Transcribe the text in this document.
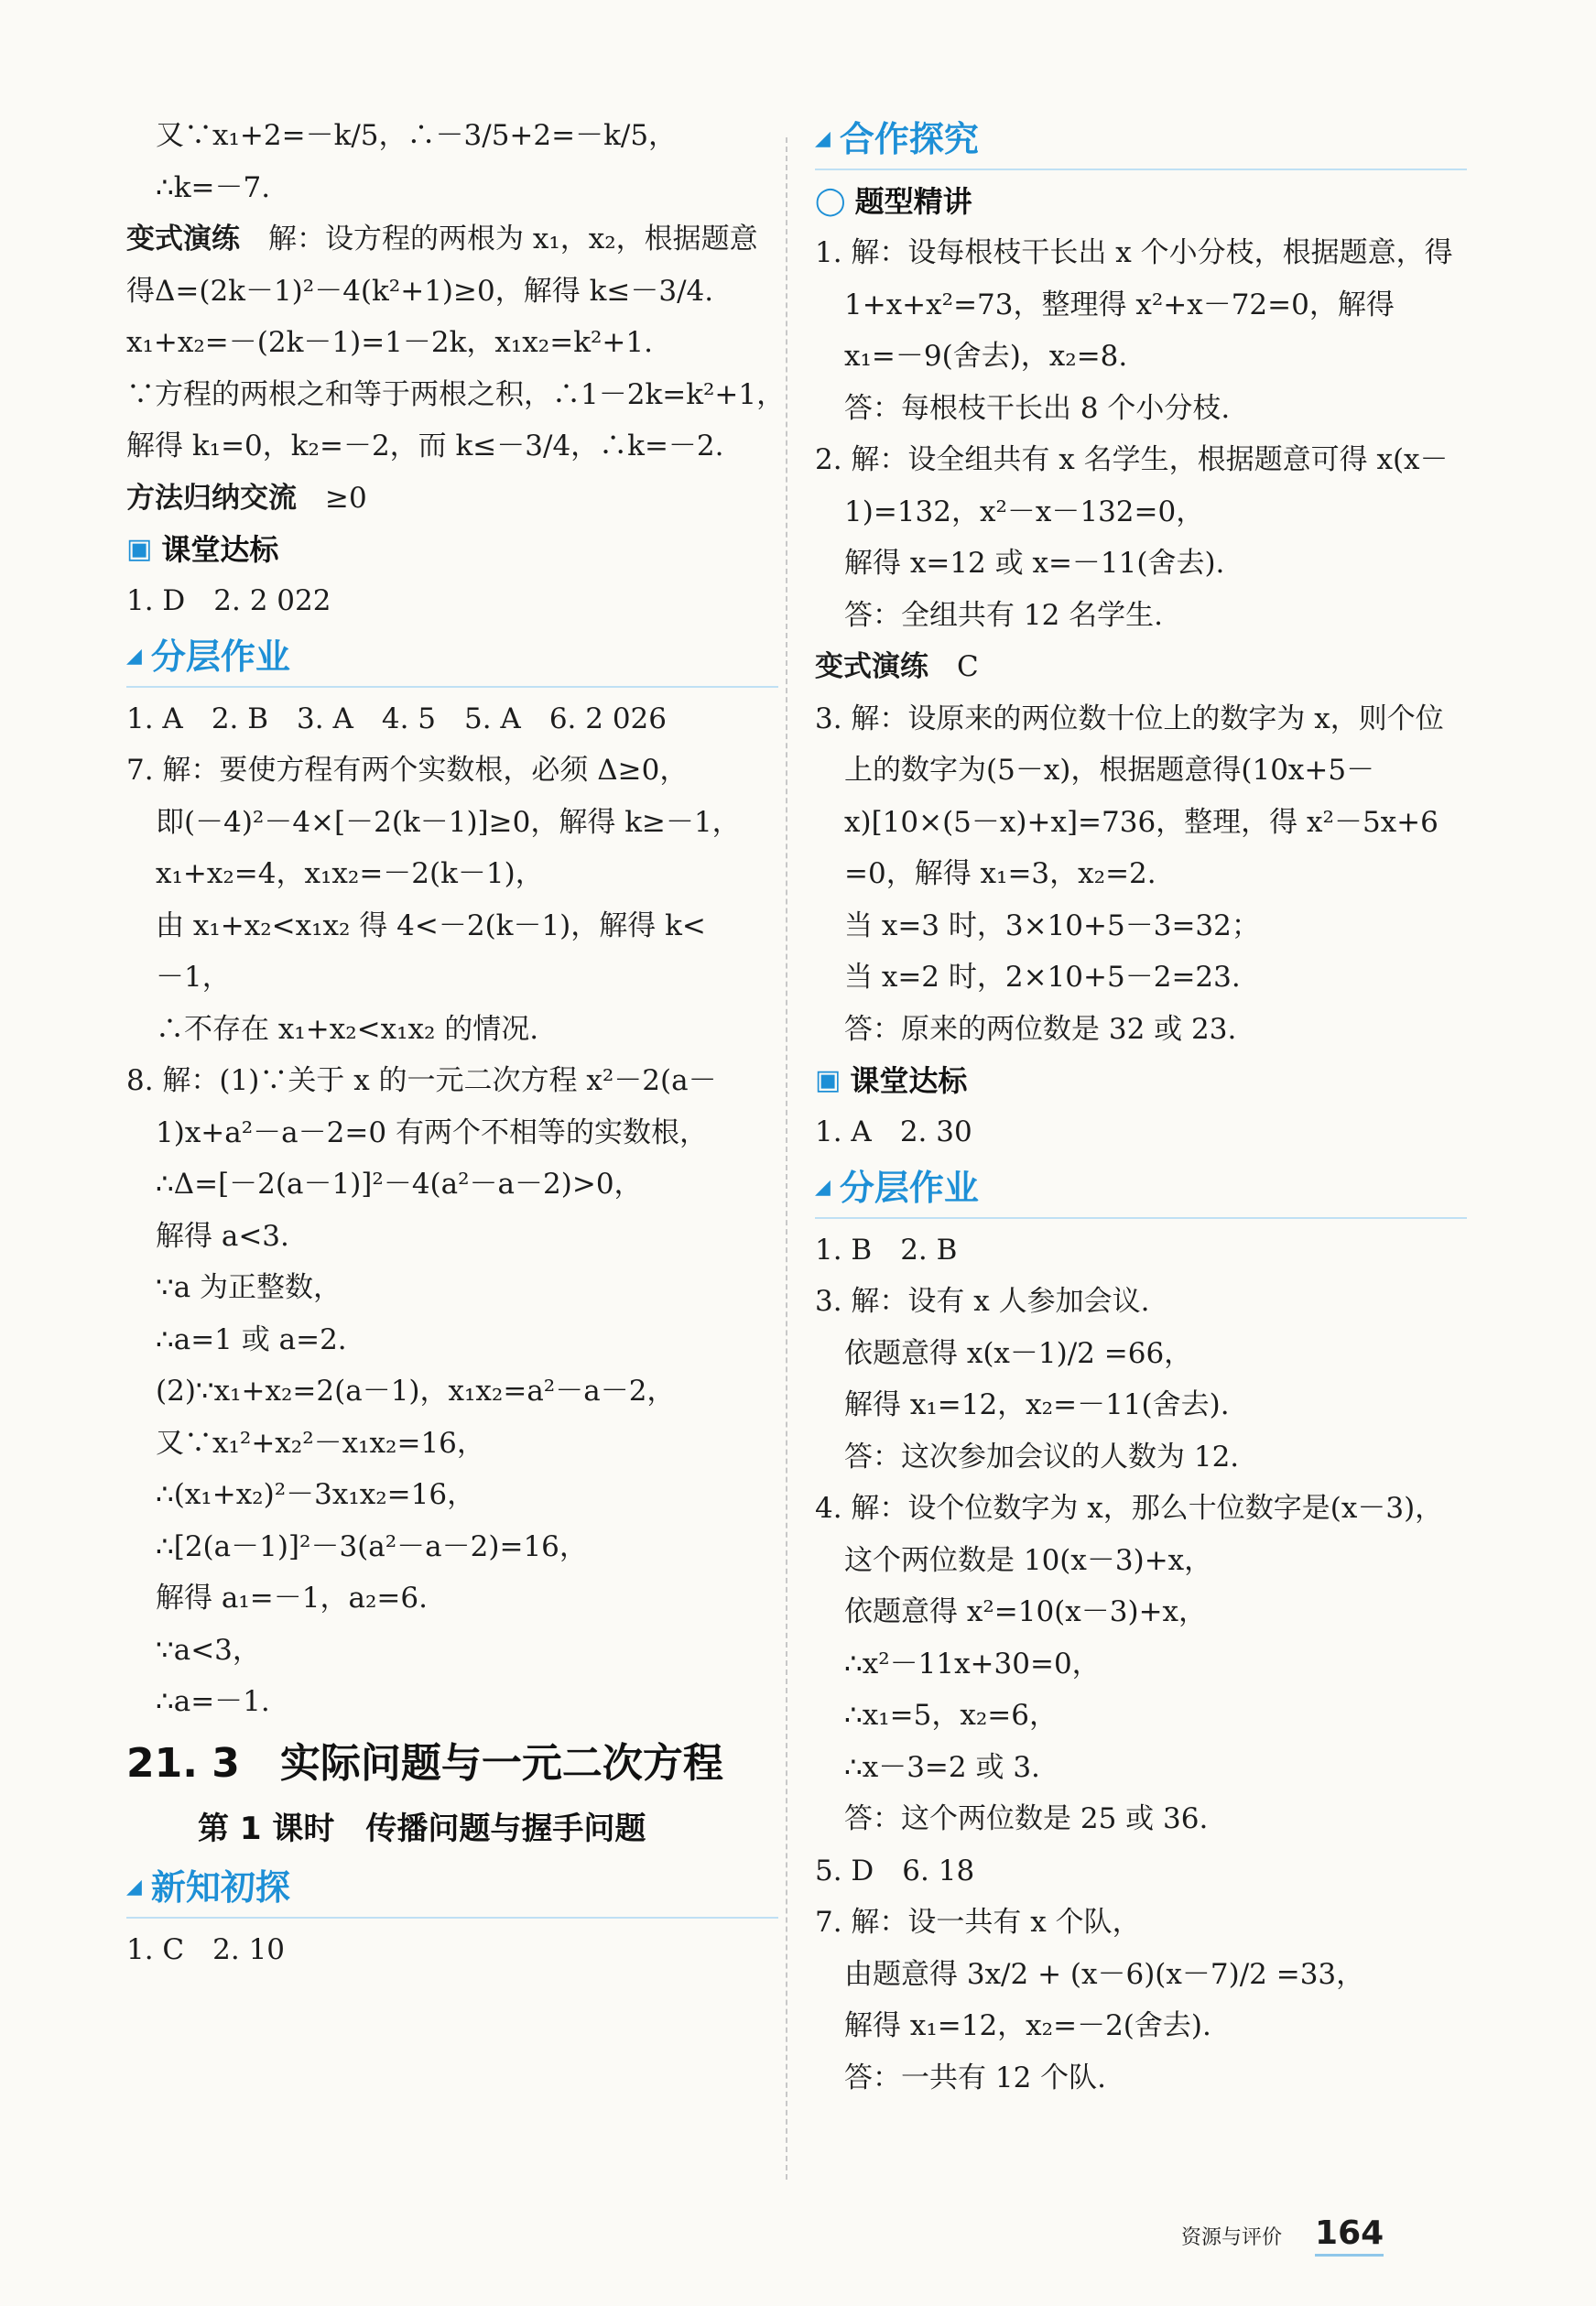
又∵x₁+2=－k/5，∴－3/5+2=－k/5，
∴k=－7.
变式演练　 解：设方程的两根为 x₁，x₂，根据题意
得Δ=(2k－1)²－4(k²+1)≥0，解得 k≤－3/4.
x₁+x₂=－(2k－1)=1－2k，x₁x₂=k²+1.
∵方程的两根之和等于两根之积，∴1－2k=k²+1，
解得 k₁=0，k₂=－2，而 k≤－3/4，∴k=－2.
方法归纳交流　 ≥0
▣ 课堂达标
1. D　2. 2 022
◢ 分层作业
1. A　2. B　3. A　4. 5　5. A　6. 2 026
7. 解：要使方程有两个实数根，必须 Δ≥0，
即(－4)²－4×[－2(k－1)]≥0，解得 k≥－1，
x₁+x₂=4，x₁x₂=－2(k－1)，
由 x₁+x₂<x₁x₂ 得 4<－2(k－1)，解得 k<
－1，
∴不存在 x₁+x₂<x₁x₂ 的情况.
8. 解：(1)∵关于 x 的一元二次方程 x²－2(a－
1)x+a²－a－2=0 有两个不相等的实数根，
∴Δ=[－2(a－1)]²－4(a²－a－2)>0，
解得 a<3.
∵a 为正整数，
∴a=1 或 a=2.
(2)∵x₁+x₂=2(a－1)，x₁x₂=a²－a－2，
又∵x₁²+x₂²－x₁x₂=16，
∴(x₁+x₂)²－3x₁x₂=16，
∴[2(a－1)]²－3(a²－a－2)=16，
解得 a₁=－1，a₂=6.
∵a<3，
∴a=－1.
21. 3　实际问题与一元二次方程
第 1 课时　传播问题与握手问题
◢ 新知初探
1. C　2. 10
◢ 合作探究
◯ 题型精讲
1. 解：设每根枝干长出 x 个小分枝，根据题意，得
1+x+x²=73，整理得 x²+x－72=0，解得
x₁=－9(舍去)，x₂=8.
答：每根枝干长出 8 个小分枝.
2. 解：设全组共有 x 名学生，根据题意可得 x(x－
1)=132，x²－x－132=0，
解得 x=12 或 x=－11(舍去).
答：全组共有 12 名学生.
变式演练　 C
3. 解：设原来的两位数十位上的数字为 x，则个位
上的数字为(5－x)，根据题意得(10x+5－
x)[10×(5－x)+x]=736，整理，得 x²－5x+6
=0，解得 x₁=3，x₂=2.
当 x=3 时，3×10+5－3=32；
当 x=2 时，2×10+5－2=23.
答：原来的两位数是 32 或 23.
▣ 课堂达标
1. A　2. 30
◢ 分层作业
1. B　2. B
3. 解：设有 x 人参加会议.
依题意得 x(x－1)/2 =66，
解得 x₁=12，x₂=－11(舍去).
答：这次参加会议的人数为 12.
4. 解：设个位数字为 x，那么十位数字是(x－3)，
这个两位数是 10(x－3)+x，
依题意得 x²=10(x－3)+x，
∴x²－11x+30=0，
∴x₁=5，x₂=6，
∴x－3=2 或 3.
答：这个两位数是 25 或 36.
5. D　6. 18
7. 解：设一共有 x 个队，
由题意得 3x/2 + (x－6)(x－7)/2 =33，
解得 x₁=12，x₂=－2(舍去).
答：一共有 12 个队.
资源与评价 164
